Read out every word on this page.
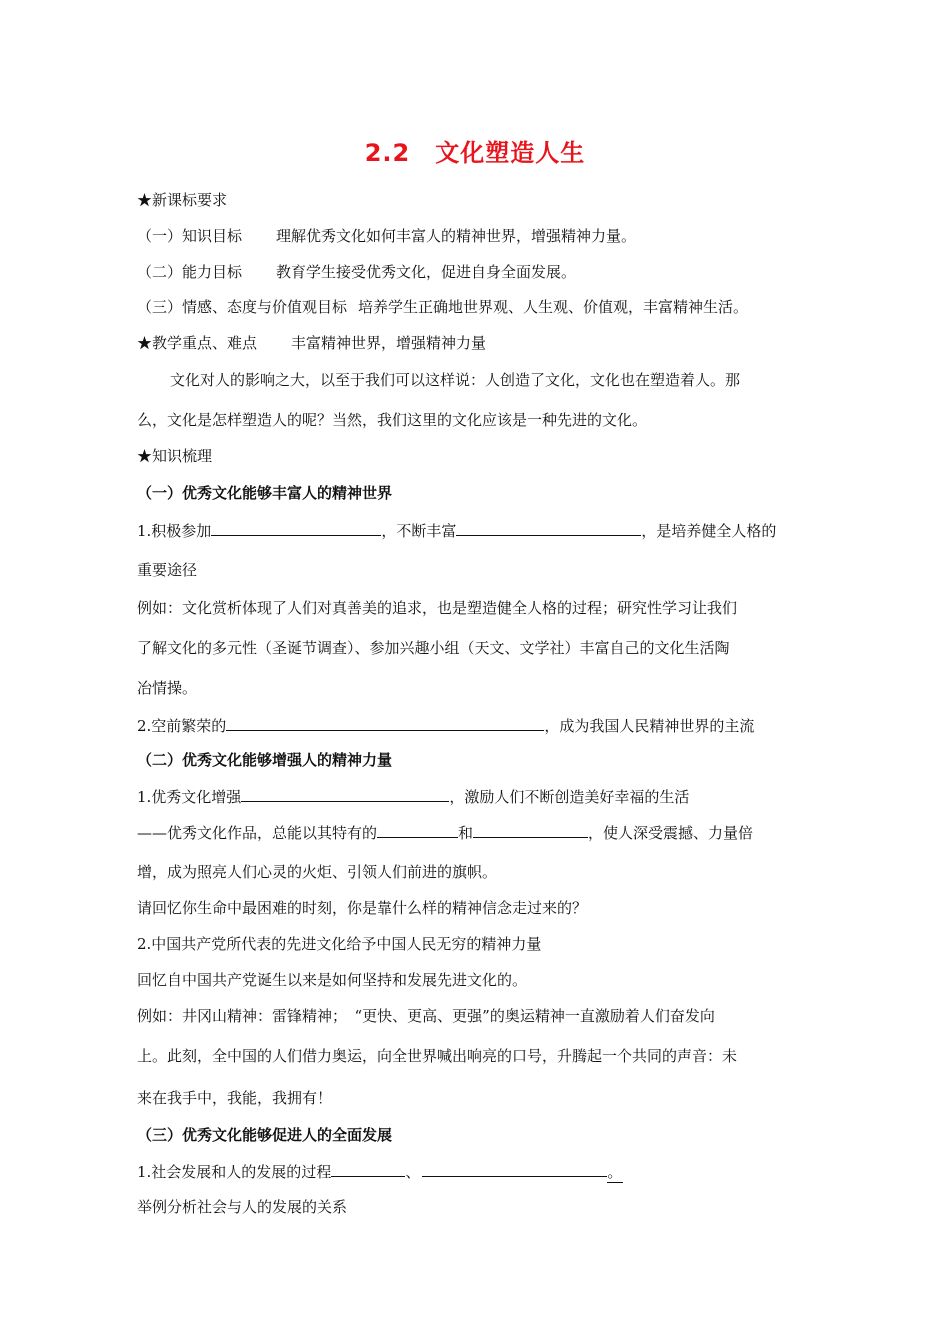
2.2　文化塑造人生
★新课标要求
（一）知识目标 理解优秀文化如何丰富人的精神世界，增强精神力量。
（二）能力目标 教育学生接受优秀文化，促进自身全面发展。
（三）情感、态度与价值观目标 培养学生正确地世界观、人生观、价值观，丰富精神生活。
★教学重点、难点 丰富精神世界，增强精神力量
文化对人的影响之大，以至于我们可以这样说：人创造了文化，文化也在塑造着人。那
么，文化是怎样塑造人的呢？当然，我们这里的文化应该是一种先进的文化。
★知识梳理
（一）优秀文化能够丰富人的精神世界
1.积极参加	，不断丰富	，是培养健全人格的
重要途径
例如：文化赏析体现了人们对真善美的追求，也是塑造健全人格的过程；研究性学习让我们
了解文化的多元性（圣诞节调查）、参加兴趣小组（天文、文学社）丰富自己的文化生活陶
冶情操。
2.空前繁荣的	，成为我国人民精神世界的主流
（二）优秀文化能够增强人的精神力量
1.优秀文化增强	，激励人们不断创造美好幸福的生活
——优秀文化作品，总能以其特有的	和	，使人深受震撼、力量倍
增，成为照亮人们心灵的火炬、引领人们前进的旗帜。
请回忆你生命中最困难的时刻，你是靠什么样的精神信念走过来的？
2.中国共产党所代表的先进文化给予中国人民无穷的精神力量
回忆自中国共产党诞生以来是如何坚持和发展先进文化的。
例如：井冈山精神：雷锋精神；　“更快、更高、更强”的奥运精神一直激励着人们奋发向
上。此刻，全中国的人们借力奥运，向全世界喊出响亮的口号，升腾起一个共同的声音：未
来在我手中，我能，我拥有！
（三）优秀文化能够促进人的全面发展
1.社会发展和人的发展的过程	、	。
举例分析社会与人的发展的关系
